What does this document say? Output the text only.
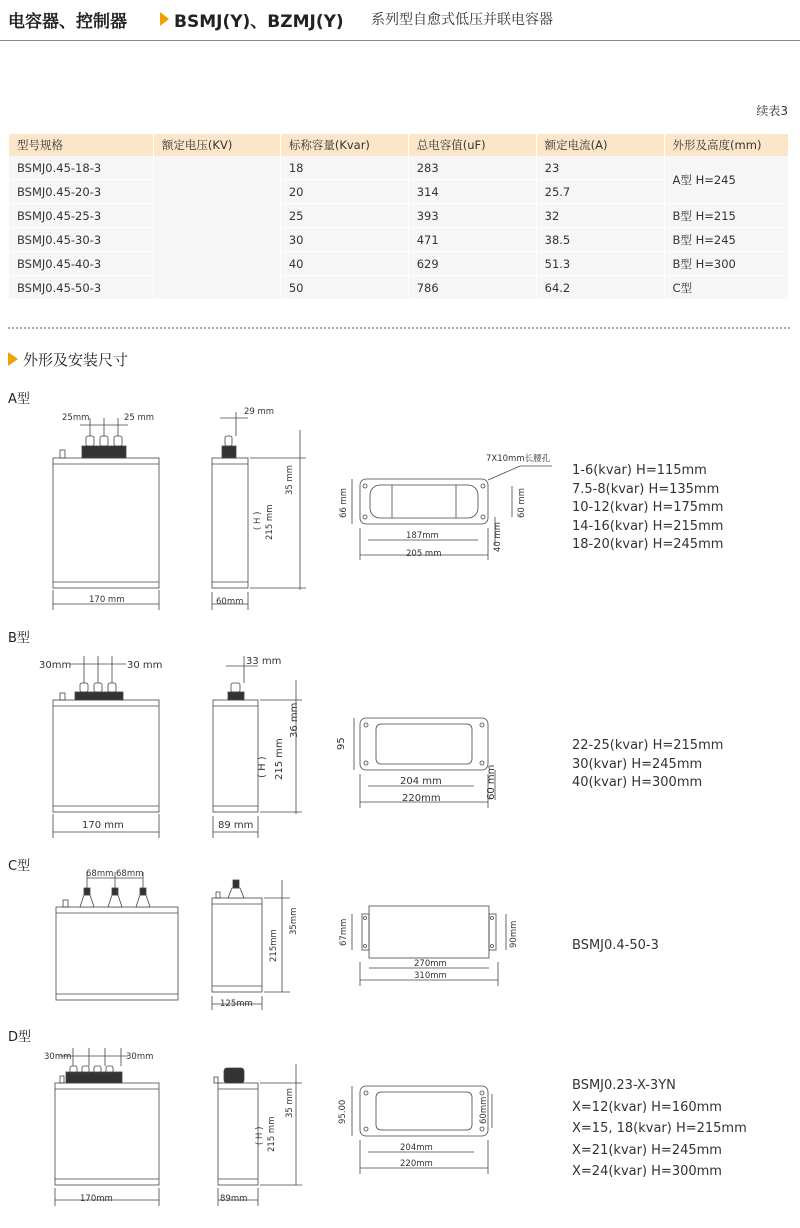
电容器、控制器	BSMJ(Y)、BZMJ(Y) 系列型自愈式低压并联电容器
续表3
型号规格	额定电压(KV)	标称容量(Kvar)	总电容值(uF)	额定电流(A)	外形及高度(mm)
BSMJ0.45-18-3		18	283	23	A型 H=245
BSMJ0.45-20-3		20	314	25.7	
BSMJ0.45-25-3		25	393	32	B型 H=215
BSMJ0.45-30-3		30	471	38.5	B型 H=245
BSMJ0.45-40-3		40	629	51.3	B型 H=300
BSMJ0.45-50-3		50	786	64.2	C型
外形及安装尺寸
A型
B型
C型
D型
25mm	25 mm
170 mm
29 mm
35 mm
( H ) 215 mm
60mm
7X10mm长腰孔
66 mm	60 mm
187mm
205 mm
40 mm
30mm	30 mm
170 mm
33 mm
36 mm
( H ) 215 mm
89 mm
95
204 mm
220mm	60 mm
68mm 68mm
35mm
215mm
125mm
67mm	90mm
270mm
310mm
30mm	30mm
170mm
35 mm
( H ) 215 mm
89mm
95.00	60mm
204mm
220mm
1-6(kvar) H=115mm
7.5-8(kvar) H=135mm
10-12(kvar) H=175mm
14-16(kvar) H=215mm
18-20(kvar) H=245mm
22-25(kvar) H=215mm
30(kvar) H=245mm
40(kvar) H=300mm
BSMJ0.4-50-3
BSMJ0.23-X-3YN
X=12(kvar) H=160mm
X=15, 18(kvar) H=215mm
X=21(kvar) H=245mm
X=24(kvar) H=300mm
